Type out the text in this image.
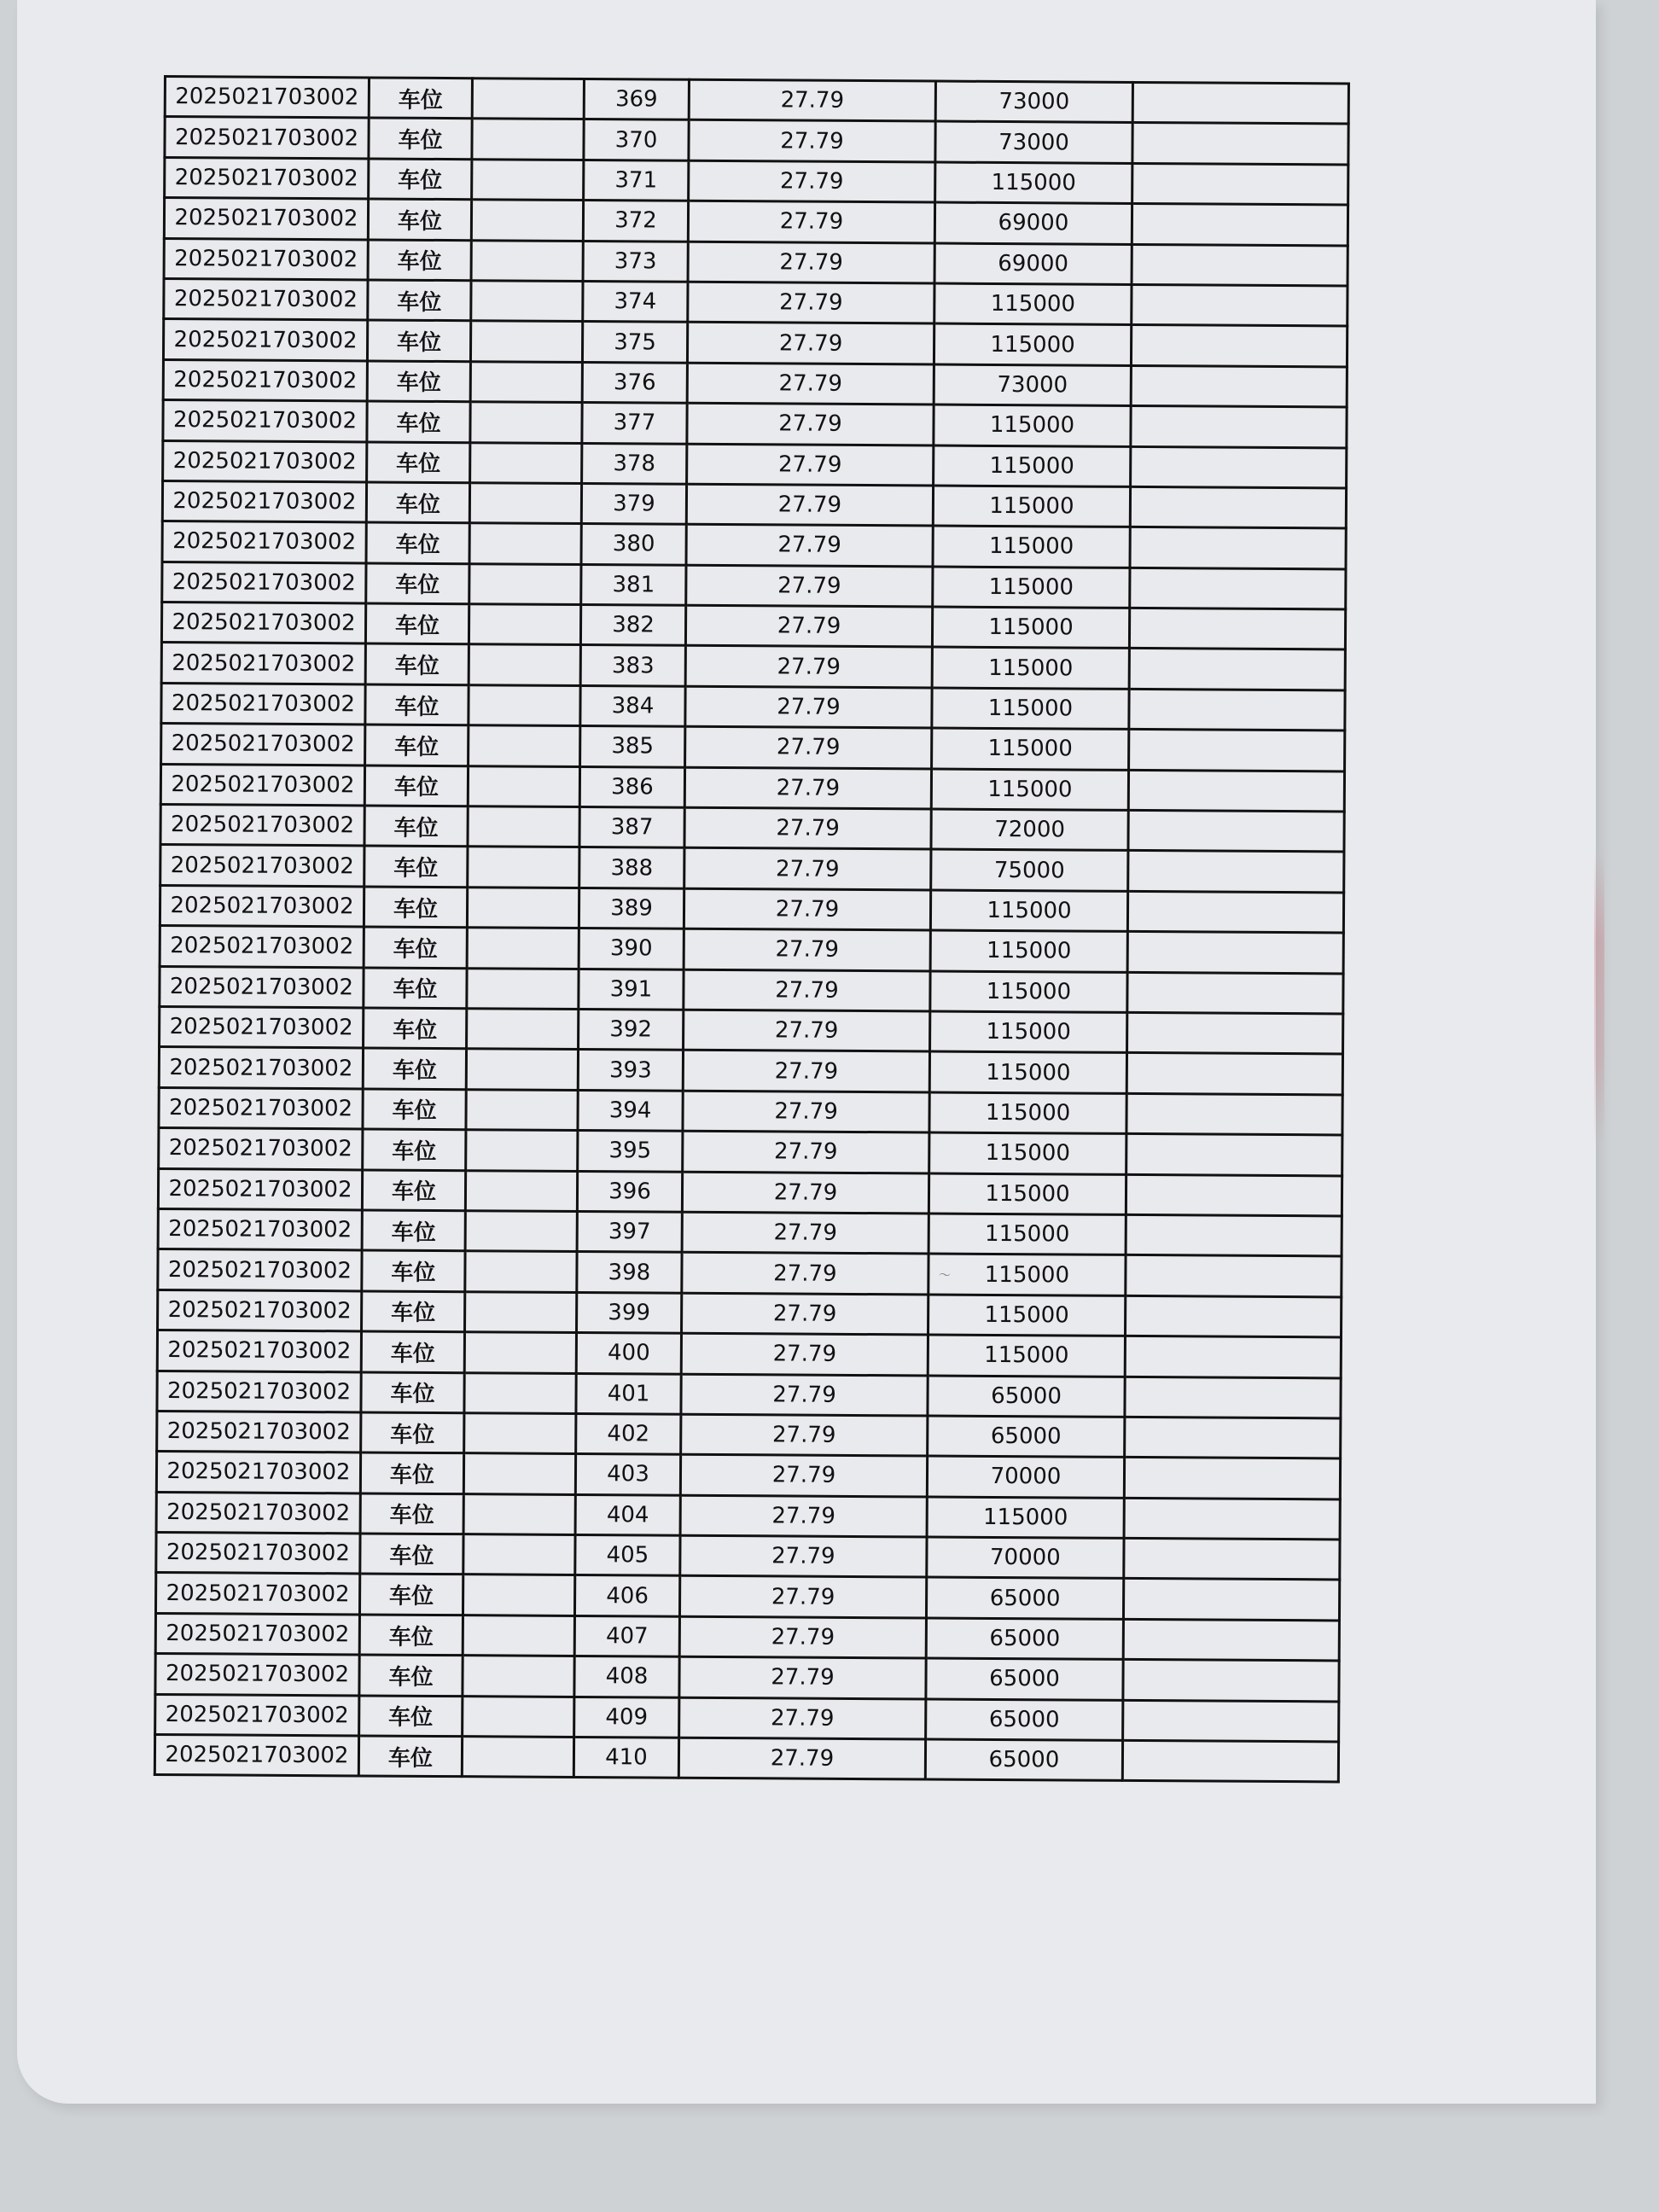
～
2025021703002	车位		369	27.79	73000	
2025021703002	车位		370	27.79	73000	
2025021703002	车位		371	27.79	115000	
2025021703002	车位		372	27.79	69000	
2025021703002	车位		373	27.79	69000	
2025021703002	车位		374	27.79	115000	
2025021703002	车位		375	27.79	115000	
2025021703002	车位		376	27.79	73000	
2025021703002	车位		377	27.79	115000	
2025021703002	车位		378	27.79	115000	
2025021703002	车位		379	27.79	115000	
2025021703002	车位		380	27.79	115000	
2025021703002	车位		381	27.79	115000	
2025021703002	车位		382	27.79	115000	
2025021703002	车位		383	27.79	115000	
2025021703002	车位		384	27.79	115000	
2025021703002	车位		385	27.79	115000	
2025021703002	车位		386	27.79	115000	
2025021703002	车位		387	27.79	72000	
2025021703002	车位		388	27.79	75000	
2025021703002	车位		389	27.79	115000	
2025021703002	车位		390	27.79	115000	
2025021703002	车位		391	27.79	115000	
2025021703002	车位		392	27.79	115000	
2025021703002	车位		393	27.79	115000	
2025021703002	车位		394	27.79	115000	
2025021703002	车位		395	27.79	115000	
2025021703002	车位		396	27.79	115000	
2025021703002	车位		397	27.79	115000	
2025021703002	车位		398	27.79	115000	
2025021703002	车位		399	27.79	115000	
2025021703002	车位		400	27.79	115000	
2025021703002	车位		401	27.79	65000	
2025021703002	车位		402	27.79	65000	
2025021703002	车位		403	27.79	70000	
2025021703002	车位		404	27.79	115000	
2025021703002	车位		405	27.79	70000	
2025021703002	车位		406	27.79	65000	
2025021703002	车位		407	27.79	65000	
2025021703002	车位		408	27.79	65000	
2025021703002	车位		409	27.79	65000	
2025021703002	车位		410	27.79	65000	
